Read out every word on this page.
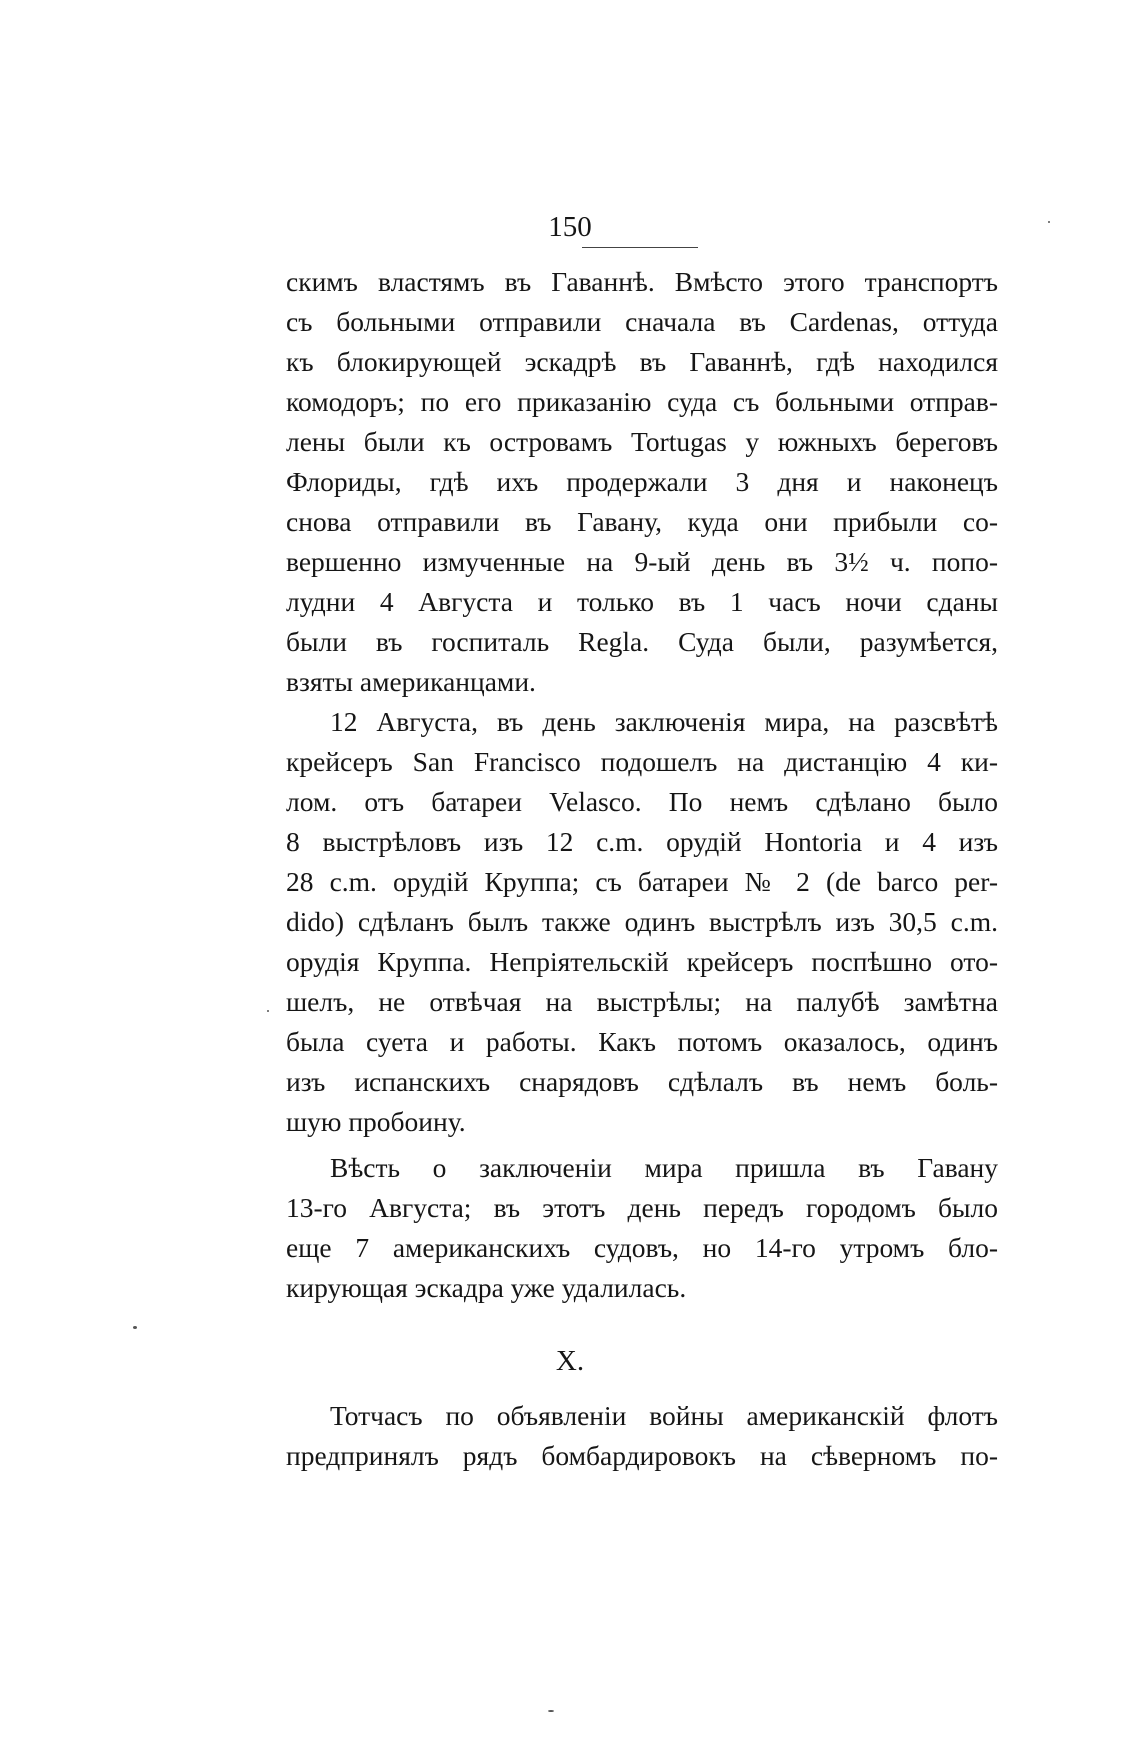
150
скимъ властямъ въ Гаваннѣ. Вмѣсто этого транспортъ
съ больными отправили сначала въ Cardenas, оттуда
къ блокирующей эскадрѣ въ Гаваннѣ, гдѣ находился
комодоръ; по его приказанію суда съ больными отправ-
лены были къ островамъ Tortugas у южныхъ береговъ
Флориды, гдѣ ихъ продержали 3 дня и наконецъ
снова отправили въ Гавану, куда они прибыли со-
вершенно измученные на 9-ый день въ 3½ ч. попо-
лудни 4 Августа и только въ 1 часъ ночи сданы
были въ госпиталь Regla. Суда были, разумѣется,
взяты американцами.
12 Августа, въ день заключенія мира, на разсвѣтѣ
крейсеръ San Francisco подошелъ на дистанцію 4 ки-
лом. отъ батареи Velasco. По немъ сдѣлано было
8 выстрѣловъ изъ 12 c.m. орудій Hontoria и 4 изъ
28 c.m. орудій Круппа; съ батареи № 2 (de barco per-
dido) сдѣланъ былъ также одинъ выстрѣлъ изъ 30,5 c.m.
орудія Круппа. Непріятельскій крейсеръ поспѣшно ото-
шелъ, не отвѣчая на выстрѣлы; на палубѣ замѣтна
была суета и работы. Какъ потомъ оказалось, одинъ
изъ испанскихъ снарядовъ сдѣлалъ въ немъ боль-
шую пробоину.
Вѣсть о заключеніи мира пришла въ Гавану
13-го Августа; въ этотъ день передъ городомъ было
еще 7 американскихъ судовъ, но 14-го утромъ бло-
кирующая эскадра уже удалилась.
X.
Тотчасъ по объявленіи войны американскій флотъ
предпринялъ рядъ бомбардировокъ на сѣверномъ по-
